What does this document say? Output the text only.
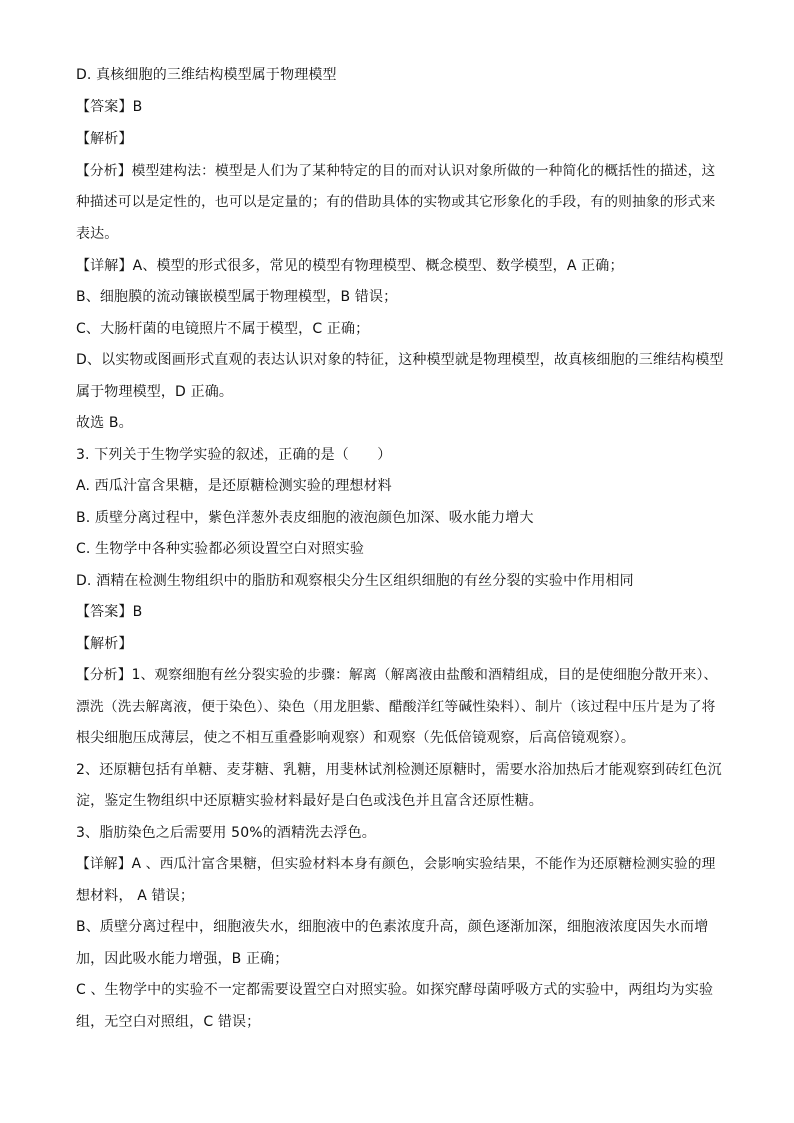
D. 真核细胞的三维结构模型属于物理模型
【答案】B
【解析】
【分析】模型建构法：模型是人们为了某种特定的目的而对认识对象所做的一种简化的概括性的描述，这
种描述可以是定性的，也可以是定量的；有的借助具体的实物或其它形象化的手段，有的则抽象的形式来
表达。
【详解】A、模型的形式很多，常见的模型有物理模型、概念模型、数学模型，A 正确；
B、细胞膜的流动镶嵌模型属于物理模型，B 错误；
C、大肠杆菌的电镜照片不属于模型，C 正确；
D、以实物或图画形式直观的表达认识对象的特征，这种模型就是物理模型，故真核细胞的三维结构模型
属于物理模型，D 正确。
故选 B。
3. 下列关于生物学实验的叙述，正确的是（　　）
A. 西瓜汁富含果糖，是还原糖检测实验的理想材料
B. 质壁分离过程中，紫色洋葱外表皮细胞的液泡颜色加深、吸水能力增大
C. 生物学中各种实验都必须设置空白对照实验
D. 酒精在检测生物组织中的脂肪和观察根尖分生区组织细胞的有丝分裂的实验中作用相同
【答案】B
【解析】
【分析】1、观察细胞有丝分裂实验的步骤：解离（解离液由盐酸和酒精组成，目的是使细胞分散开来）、
漂洗（洗去解离液，便于染色）、染色（用龙胆紫、醋酸洋红等碱性染料）、制片（该过程中压片是为了将
根尖细胞压成薄层，使之不相互重叠影响观察）和观察（先低倍镜观察，后高倍镜观察）。
2、还原糖包括有单糖、麦芽糖、乳糖，用斐林试剂检测还原糖时，需要水浴加热后才能观察到砖红色沉
淀，鉴定生物组织中还原糖实验材料最好是白色或浅色并且富含还原性糖。
3、脂肪染色之后需要用 50%的酒精洗去浮色。
【详解】A 、西瓜汁富含果糖，但实验材料本身有颜色，会影响实验结果，不能作为还原糖检测实验的理
想材料， A 错误；
B、质壁分离过程中，细胞液失水，细胞液中的色素浓度升高，颜色逐渐加深，细胞液浓度因失水而增
加，因此吸水能力增强，B 正确；
C 、生物学中的实验不一定都需要设置空白对照实验。如探究酵母菌呼吸方式的实验中，两组均为实验
组，无空白对照组，C 错误；
